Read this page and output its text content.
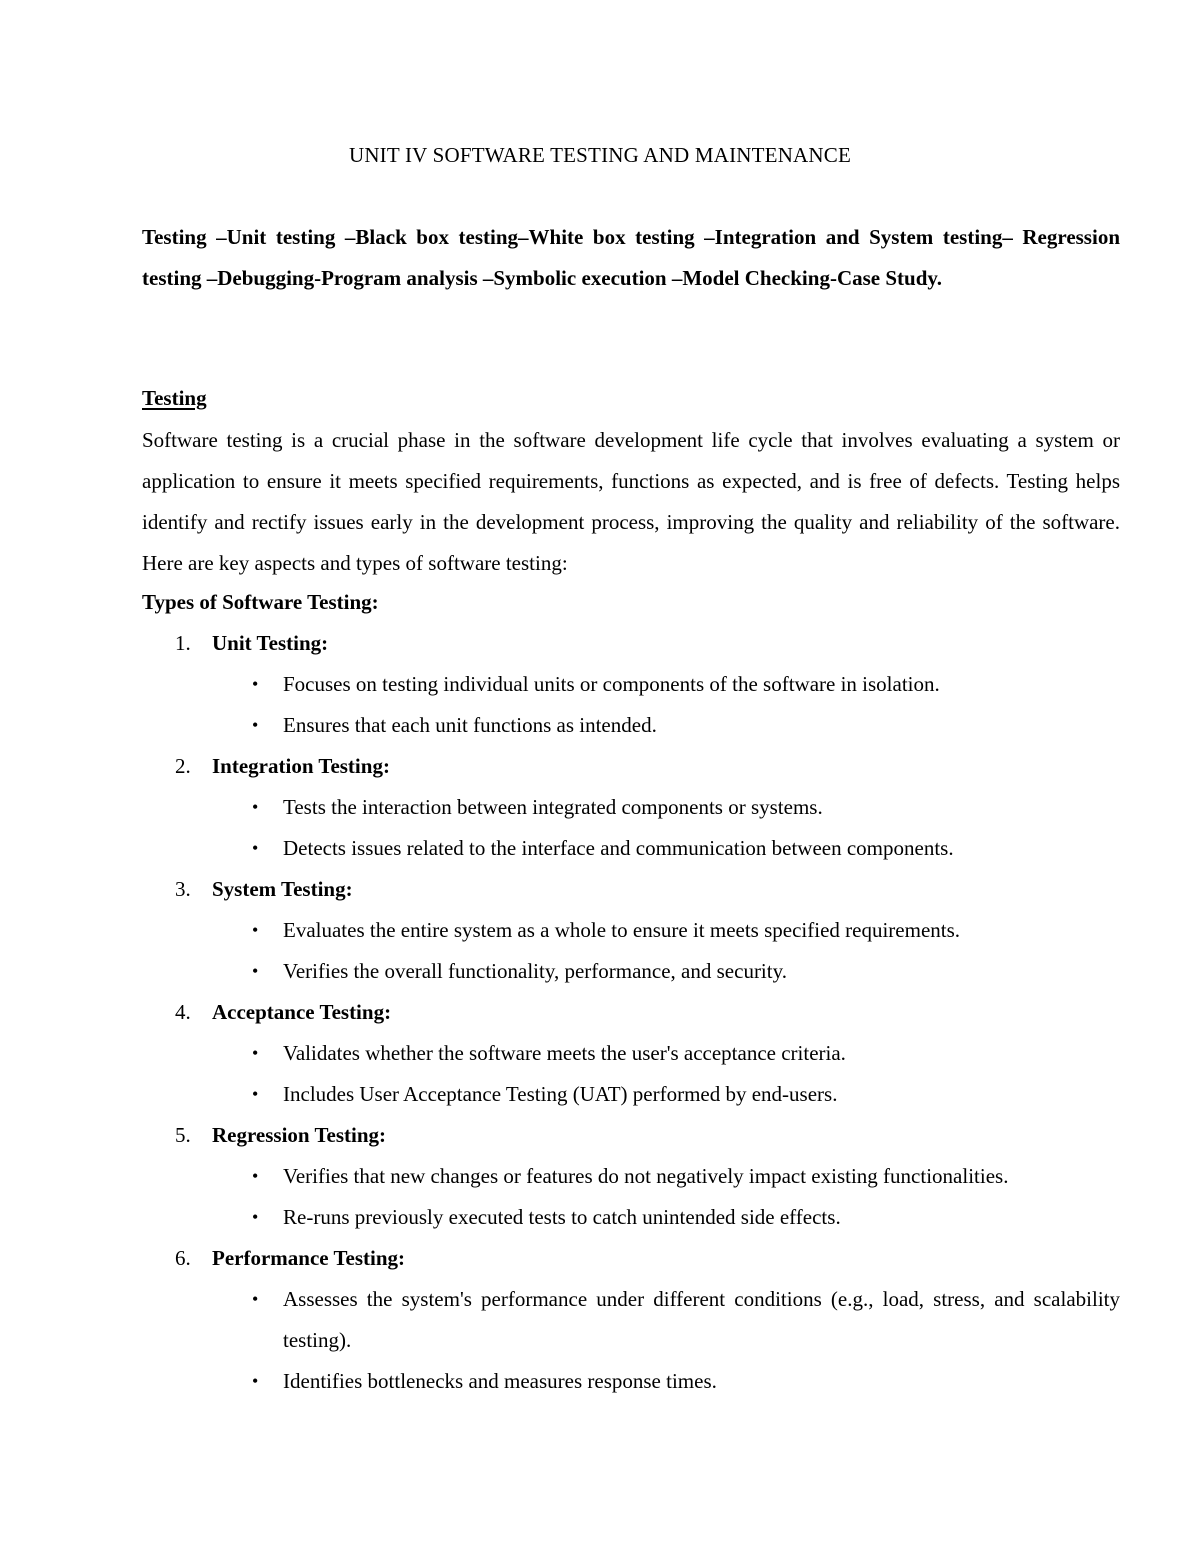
UNIT IV SOFTWARE TESTING AND MAINTENANCE
Testing –Unit testing –Black box testing–White box testing –Integration and System testing– Regression testing –Debugging-Program analysis –Symbolic execution –Model Checking-Case Study.
Testing
Software testing is a crucial phase in the software development life cycle that involves evaluating a system or application to ensure it meets specified requirements, functions as expected, and is free of defects. Testing helps identify and rectify issues early in the development process, improving the quality and reliability of the software. Here are key aspects and types of software testing:
Types of Software Testing:
1. Unit Testing:
• Focuses on testing individual units or components of the software in isolation.
• Ensures that each unit functions as intended.
2. Integration Testing:
• Tests the interaction between integrated components or systems.
• Detects issues related to the interface and communication between components.
3. System Testing:
• Evaluates the entire system as a whole to ensure it meets specified requirements.
• Verifies the overall functionality, performance, and security.
4. Acceptance Testing:
• Validates whether the software meets the user's acceptance criteria.
• Includes User Acceptance Testing (UAT) performed by end-users.
5. Regression Testing:
• Verifies that new changes or features do not negatively impact existing functionalities.
• Re-runs previously executed tests to catch unintended side effects.
6. Performance Testing:
• Assesses the system's performance under different conditions (e.g., load, stress, and scalability testing).
• Identifies bottlenecks and measures response times.
